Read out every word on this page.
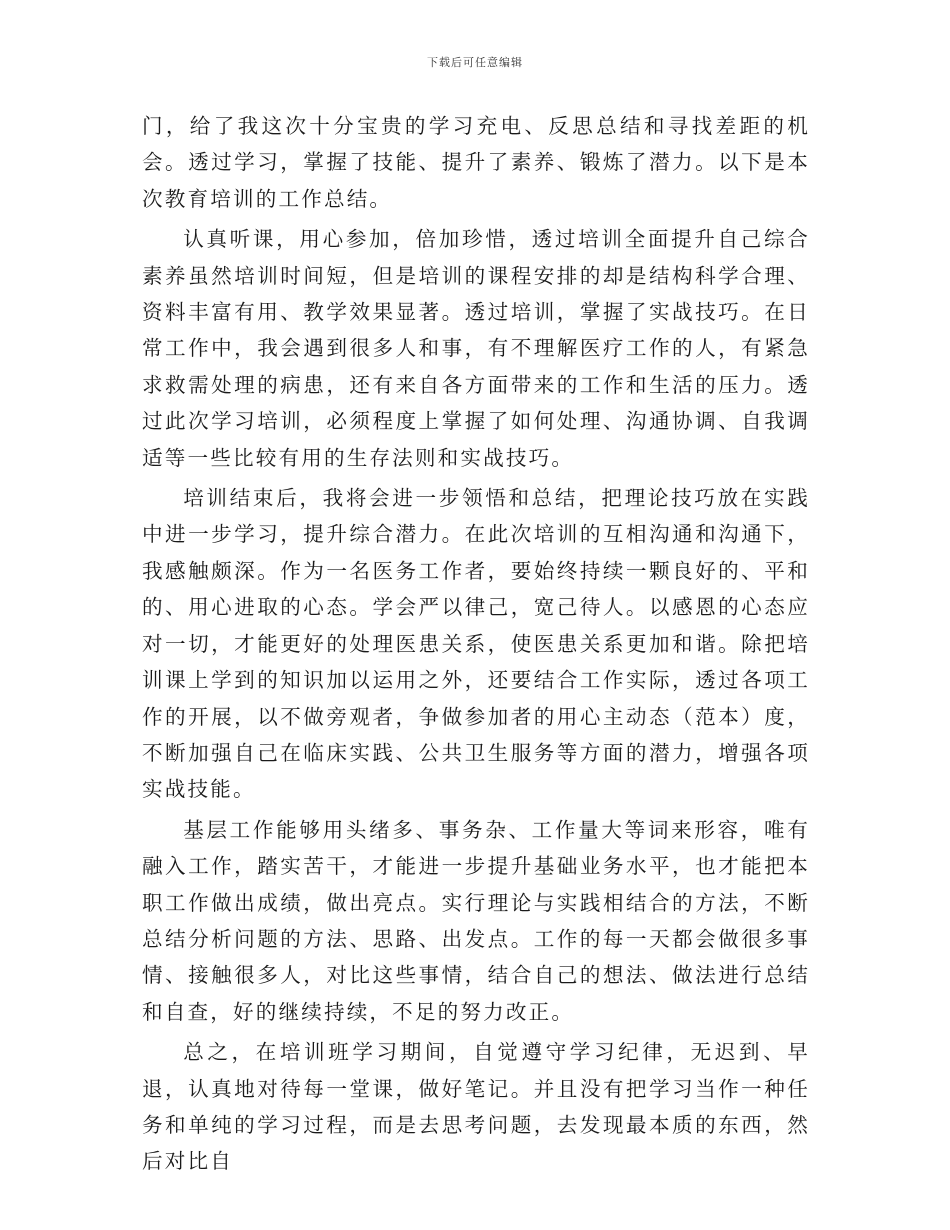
下载后可任意编辑

门，给了我这次十分宝贵的学习充电、反思总结和寻找差距的机会。透过学习，掌握了技能、提升了素养、锻炼了潜力。以下是本次教育培训的工作总结。

认真听课，用心参加，倍加珍惜，透过培训全面提升自己综合素养虽然培训时间短，但是培训的课程安排的却是结构科学合理、资料丰富有用、教学效果显著。透过培训，掌握了实战技巧。在日常工作中，我会遇到很多人和事，有不理解医疗工作的人，有紧急求救需处理的病患，还有来自各方面带来的工作和生活的压力。透过此次学习培训，必须程度上掌握了如何处理、沟通协调、自我调适等一些比较有用的生存法则和实战技巧。

培训结束后，我将会进一步领悟和总结，把理论技巧放在实践中进一步学习，提升综合潜力。在此次培训的互相沟通和沟通下，我感触颇深。作为一名医务工作者，要始终持续一颗良好的、平和的、用心进取的心态。学会严以律己，宽己待人。以感恩的心态应对一切，才能更好的处理医患关系，使医患关系更加和谐。除把培训课上学到的知识加以运用之外，还要结合工作实际，透过各项工作的开展，以不做旁观者，争做参加者的用心主动态（范本）度，不断加强自己在临床实践、公共卫生服务等方面的潜力，增强各项实战技能。

基层工作能够用头绪多、事务杂、工作量大等词来形容，唯有融入工作，踏实苦干，才能进一步提升基础业务水平，也才能把本职工作做出成绩，做出亮点。实行理论与实践相结合的方法，不断总结分析问题的方法、思路、出发点。工作的每一天都会做很多事情、接触很多人，对比这些事情，结合自己的想法、做法进行总结和自查，好的继续持续，不足的努力改正。

总之，在培训班学习期间，自觉遵守学习纪律，无迟到、早退，认真地对待每一堂课，做好笔记。并且没有把学习当作一种任务和单纯的学习过程，而是去思考问题，去发现最本质的东西，然后对比自
